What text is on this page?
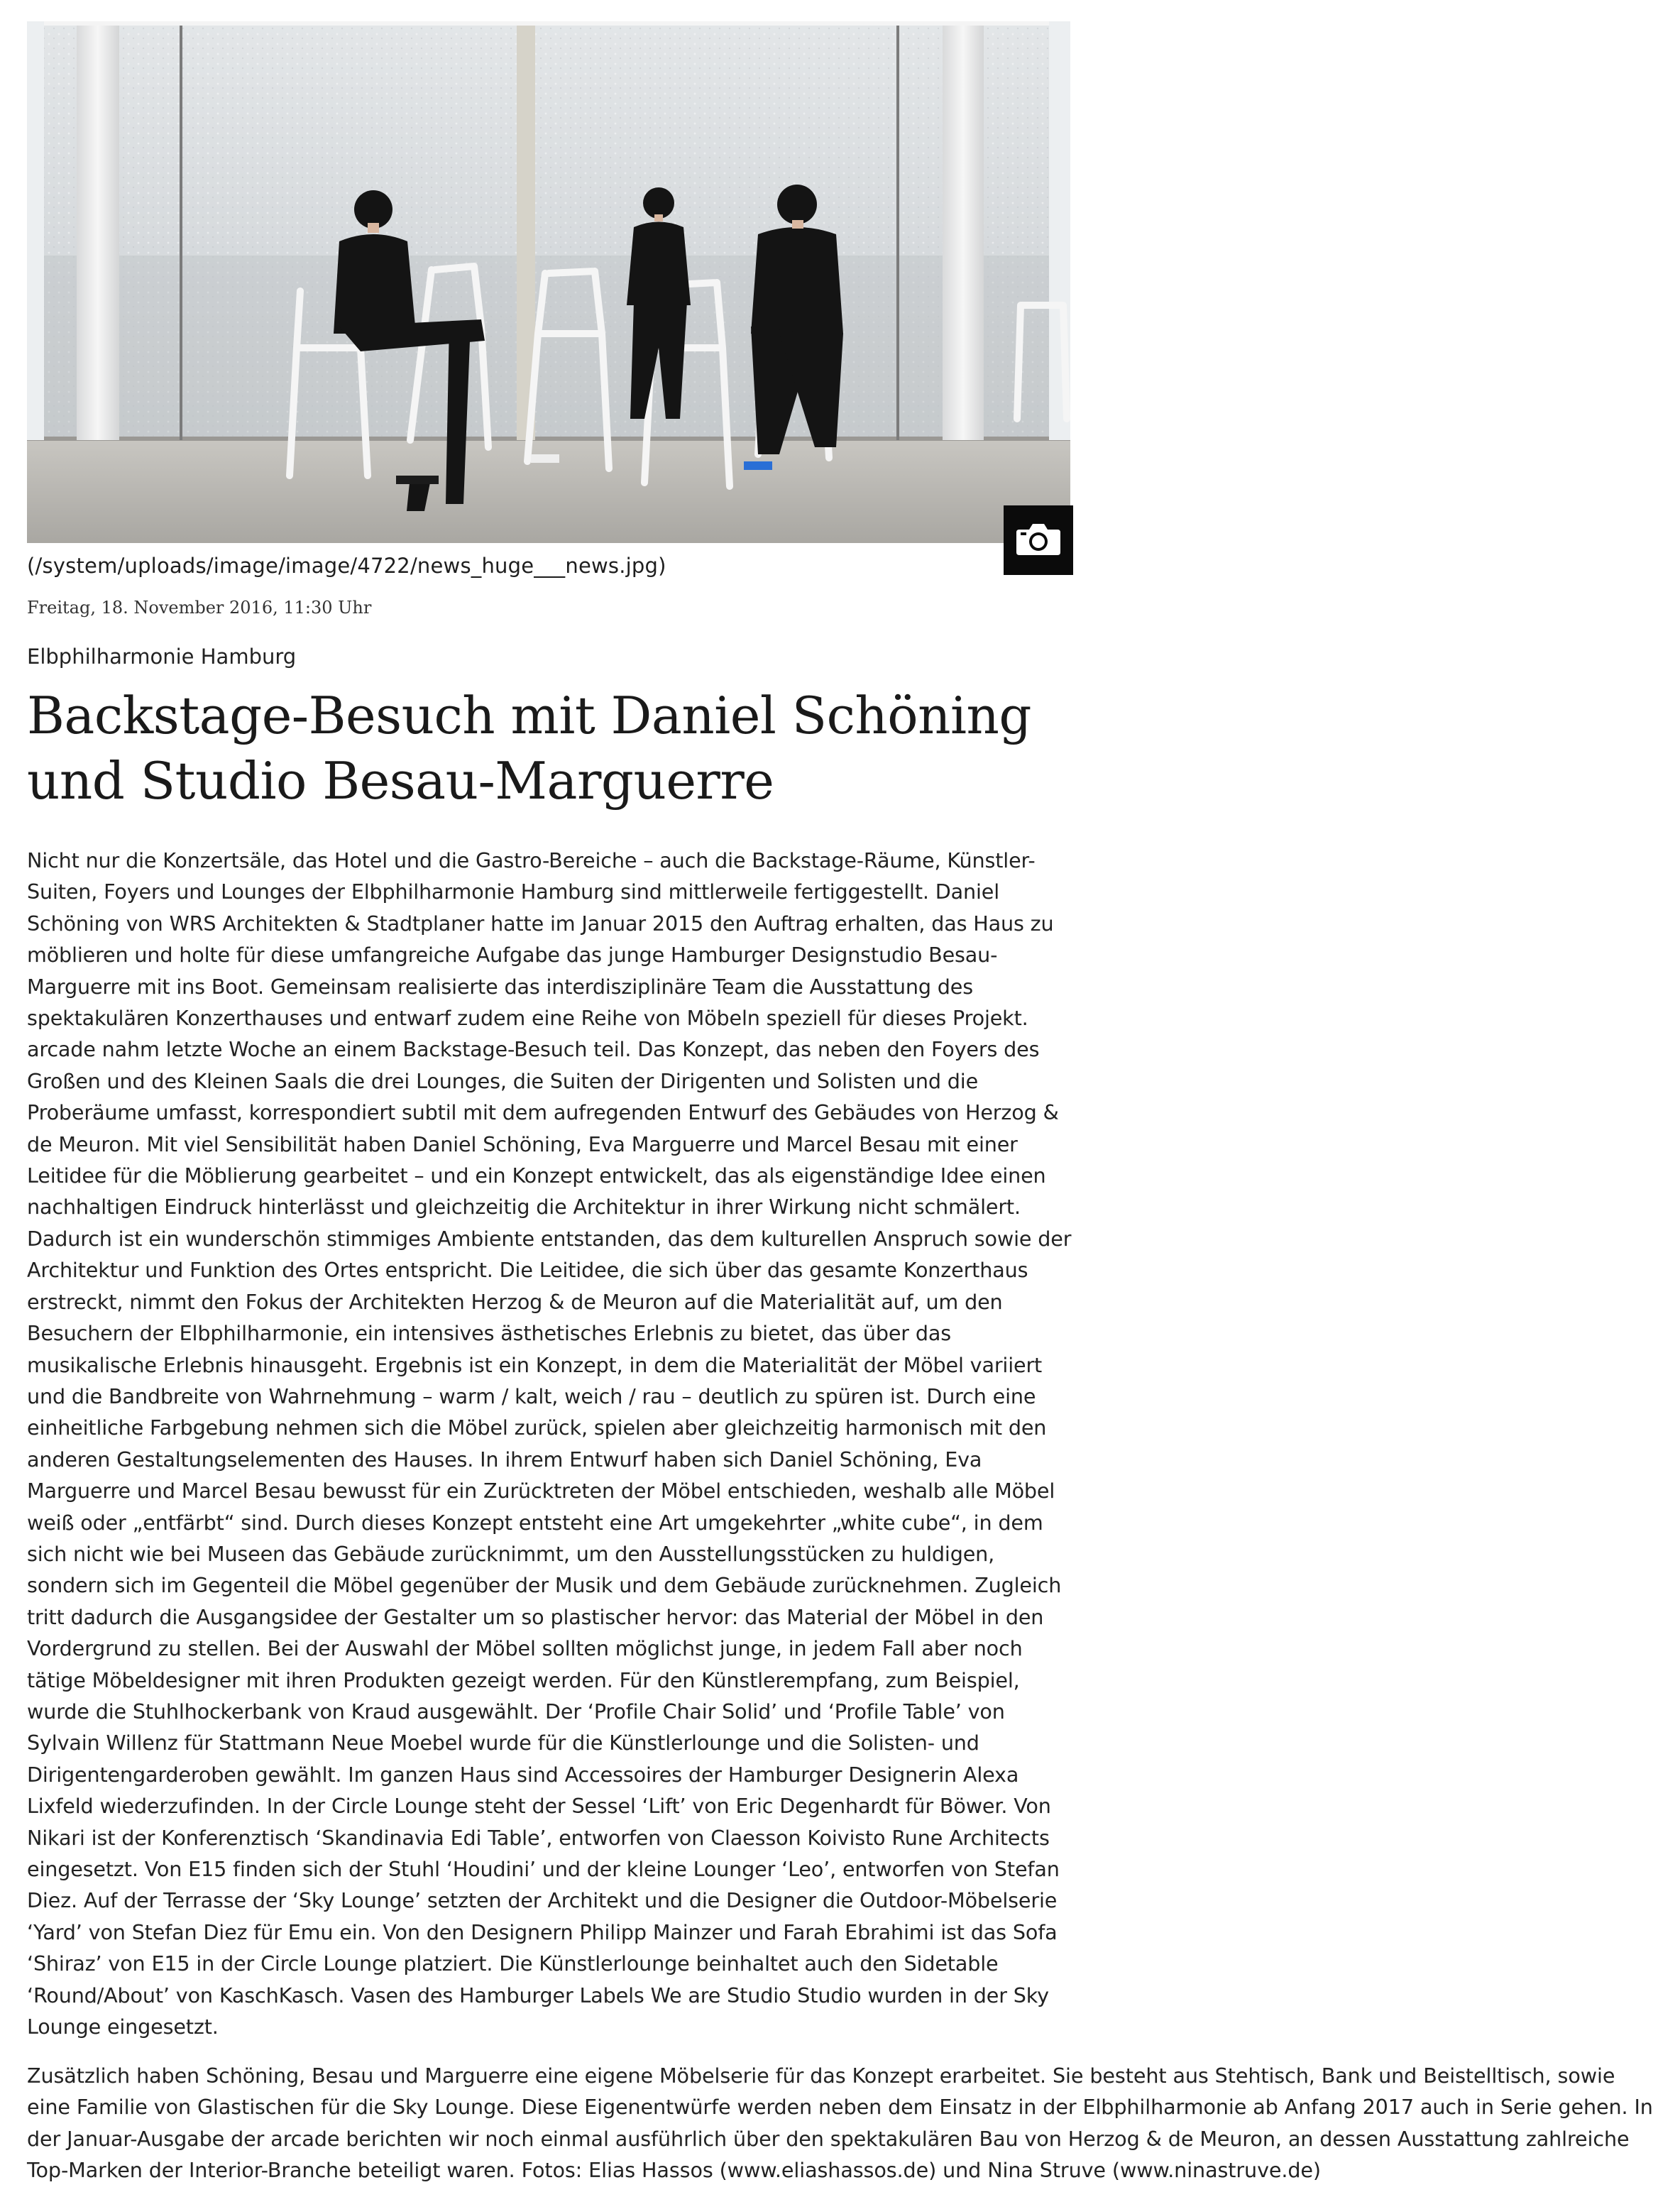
(/system/uploads/image/image/4722/news_huge___news.jpg)
Freitag, 18. November 2016, 11:30 Uhr
Elbphilharmonie Hamburg
Backstage-Besuch mit Daniel Schöning
und Studio Besau-Marguerre

Nicht nur die Konzertsäle, das Hotel und die Gastro-Bereiche – auch die Backstage-Räume, Künstler-Suiten, Foyers und Lounges der Elbphilharmonie Hamburg sind mittlerweile fertiggestellt. Daniel Schöning von WRS Architekten & Stadtplaner hatte im Januar 2015 den Auftrag erhalten, das Haus zu möblieren und holte für diese umfangreiche Aufgabe das junge Hamburger Designstudio Besau-Marguerre mit ins Boot. Gemeinsam realisierte das interdisziplinäre Team die Ausstattung des spektakulären Konzerthauses und entwarf zudem eine Reihe von Möbeln speziell für dieses Projekt. arcade nahm letzte Woche an einem Backstage-Besuch teil. Das Konzept, das neben den Foyers des Großen und des Kleinen Saals die drei Lounges, die Suiten der Dirigenten und Solisten und die Proberäume umfasst, korrespondiert subtil mit dem aufregenden Entwurf des Gebäudes von Herzog & de Meuron. Mit viel Sensibilität haben Daniel Schöning, Eva Marguerre und Marcel Besau mit einer Leitidee für die Möblierung gearbeitet – und ein Konzept entwickelt, das als eigenständige Idee einen nachhaltigen Eindruck hinterlässt und gleichzeitig die Architektur in ihrer Wirkung nicht schmälert. Dadurch ist ein wunderschön stimmiges Ambiente entstanden, das dem kulturellen Anspruch sowie der Architektur und Funktion des Ortes entspricht. Die Leitidee, die sich über das gesamte Konzerthaus erstreckt, nimmt den Fokus der Architekten Herzog & de Meuron auf die Materialität auf, um den Besuchern der Elbphilharmonie, ein intensives ästhetisches Erlebnis zu bietet, das über das musikalische Erlebnis hinausgeht. Ergebnis ist ein Konzept, in dem die Materialität der Möbel variiert und die Bandbreite von Wahrnehmung – warm / kalt, weich / rau – deutlich zu spüren ist. Durch eine einheitliche Farbgebung nehmen sich die Möbel zurück, spielen aber gleichzeitig harmonisch mit den anderen Gestaltungselementen des Hauses. In ihrem Entwurf haben sich Daniel Schöning, Eva Marguerre und Marcel Besau bewusst für ein Zurücktreten der Möbel entschieden, weshalb alle Möbel weiß oder „entfärbt“ sind. Durch dieses Konzept entsteht eine Art umgekehrter „white cube“, in dem sich nicht wie bei Museen das Gebäude zurücknimmt, um den Ausstellungsstücken zu huldigen, sondern sich im Gegenteil die Möbel gegenüber der Musik und dem Gebäude zurücknehmen. Zugleich tritt dadurch die Ausgangsidee der Gestalter um so plastischer hervor: das Material der Möbel in den Vordergrund zu stellen. Bei der Auswahl der Möbel sollten möglichst junge, in jedem Fall aber noch tätige Möbeldesigner mit ihren Produkten gezeigt werden. Für den Künstlerempfang, zum Beispiel, wurde die Stuhlhockerbank von Kraud ausgewählt. Der ‘Profile Chair Solid’ und ‘Profile Table’ von Sylvain Willenz für Stattmann Neue Moebel wurde für die Künstlerlounge und die Solisten- und Dirigentengarderoben gewählt. Im ganzen Haus sind Accessoires der Hamburger Designerin Alexa Lixfeld wiederzufinden. In der Circle Lounge steht der Sessel ‘Lift’ von Eric Degenhardt für Böwer. Von Nikari ist der Konferenztisch ‘Skandinavia Edi Table’, entworfen von Claesson Koivisto Rune Architects eingesetzt. Von E15 finden sich der Stuhl ‘Houdini’ und der kleine Lounger ‘Leo’, entworfen von Stefan Diez. Auf der Terrasse der ‘Sky Lounge’ setzten der Architekt und die Designer die Outdoor-Möbelserie ‘Yard’ von Stefan Diez für Emu ein. Von den Designern Philipp Mainzer und Farah Ebrahimi ist das Sofa ‘Shiraz’ von E15 in der Circle Lounge platziert. Die Künstlerlounge beinhaltet auch den Sidetable ‘Round/About’ von KaschKasch. Vasen des Hamburger Labels We are Studio Studio wurden in der Sky Lounge eingesetzt.

Zusätzlich haben Schöning, Besau und Marguerre eine eigene Möbelserie für das Konzept erarbeitet. Sie besteht aus Stehtisch, Bank und Beistelltisch, sowie eine Familie von Glastischen für die Sky Lounge. Diese Eigenentwürfe werden neben dem Einsatz in der Elbphilharmonie ab Anfang 2017 auch in Serie gehen. In der Januar-Ausgabe der arcade berichten wir noch einmal ausführlich über den spektakulären Bau von Herzog & de Meuron, an dessen Ausstattung zahlreiche Top-Marken der Interior-Branche beteiligt waren. Fotos: Elias Hassos (www.eliashassos.de) und Nina Struve (www.ninastruve.de)
